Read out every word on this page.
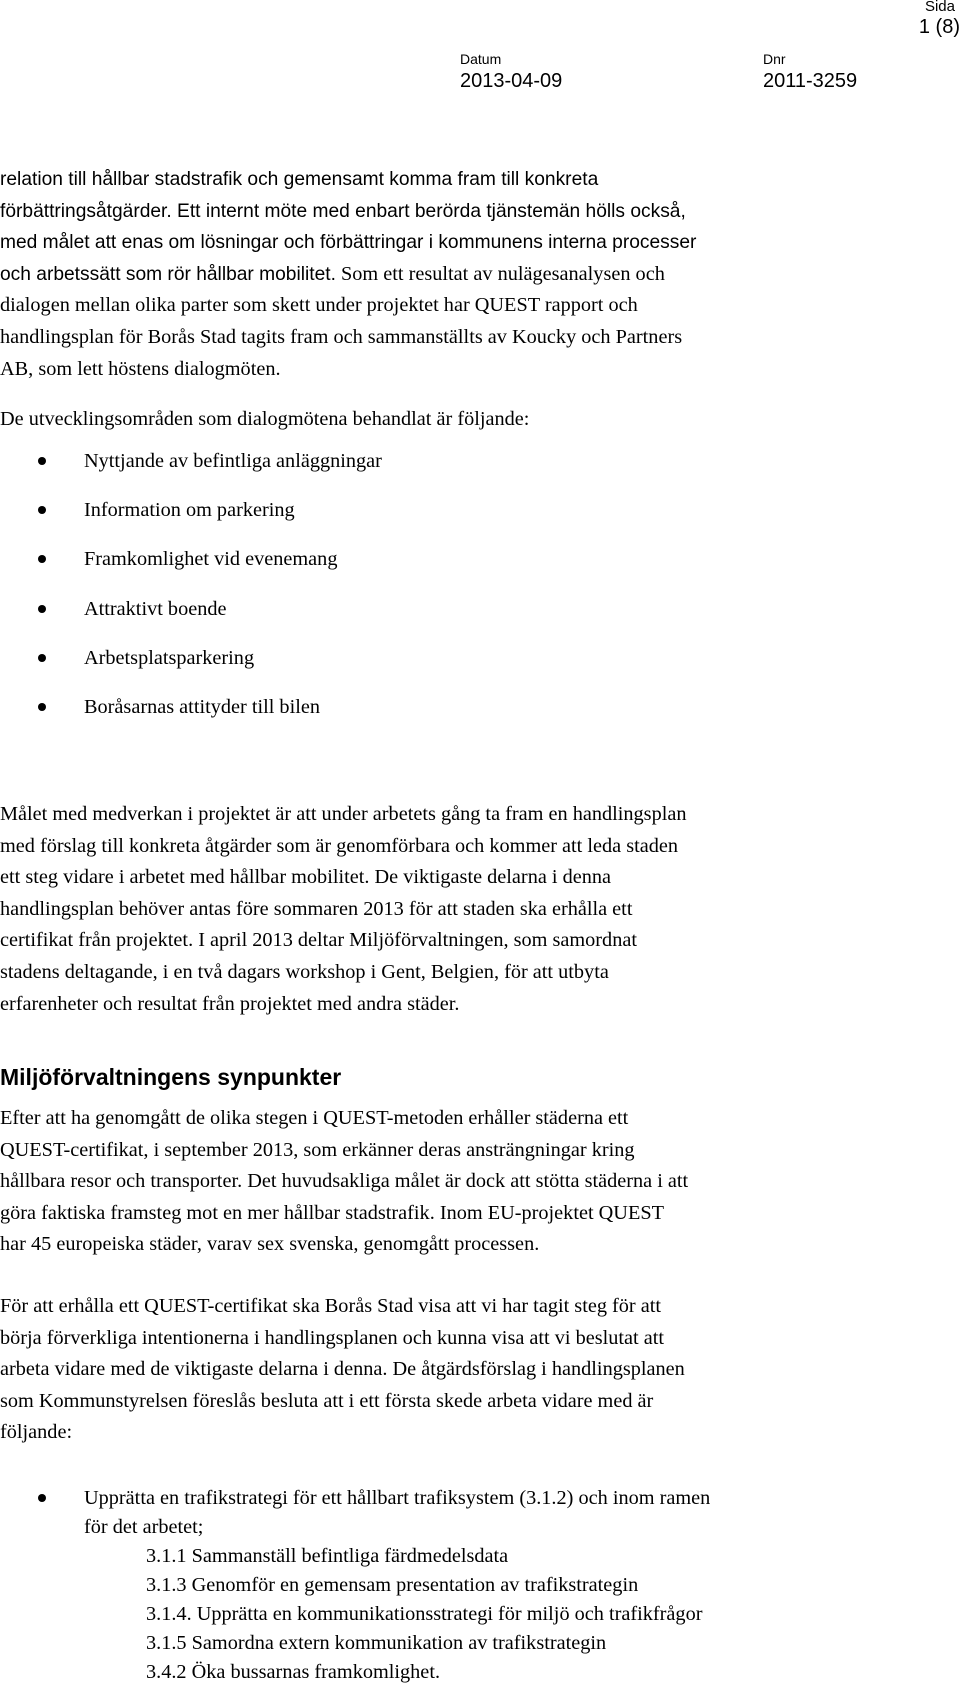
Sida
1 (8)
Datum
2013-04-09
Dnr
2011-3259
relation till hållbar stadstrafik och gemensamt komma fram till konkreta
förbättringsåtgärder. Ett internt möte med enbart berörda tjänstemän hölls också,
med målet att enas om lösningar och förbättringar i kommunens interna processer
och arbetssätt som rör hållbar mobilitet. Som ett resultat av nulägesanalysen och
dialogen mellan olika parter som skett under projektet har QUEST rapport och
handlingsplan för Borås Stad tagits fram och sammanställts av Koucky och Partners
AB, som lett höstens dialogmöten.
De utvecklingsområden som dialogmötena behandlat är följande:
Nyttjande av befintliga anläggningar
Information om parkering
Framkomlighet vid evenemang
Attraktivt boende
Arbetsplatsparkering
Boråsarnas attityder till bilen
Målet med medverkan i projektet är att under arbetets gång ta fram en handlingsplan
med förslag till konkreta åtgärder som är genomförbara och kommer att leda staden
ett steg vidare i arbetet med hållbar mobilitet. De viktigaste delarna i denna
handlingsplan behöver antas före sommaren 2013 för att staden ska erhålla ett
certifikat från projektet. I april 2013 deltar Miljöförvaltningen, som samordnat
stadens deltagande, i en två dagars workshop i Gent, Belgien, för att utbyta
erfarenheter och resultat från projektet med andra städer.
Miljöförvaltningens synpunkter
Efter att ha genomgått de olika stegen i QUEST-metoden erhåller städerna ett
QUEST-certifikat, i september 2013, som erkänner deras ansträngningar kring
hållbara resor och transporter. Det huvudsakliga målet är dock att stötta städerna i att
göra faktiska framsteg mot en mer hållbar stadstrafik. Inom EU-projektet QUEST
har 45 europeiska städer, varav sex svenska, genomgått processen.
För att erhålla ett QUEST-certifikat ska Borås Stad visa att vi har tagit steg för att
börja förverkliga intentionerna i handlingsplanen och kunna visa att vi beslutat att
arbeta vidare med de viktigaste delarna i denna. De åtgärdsförslag i handlingsplanen
som Kommunstyrelsen föreslås besluta att i ett första skede arbeta vidare med är
följande:
Upprätta en trafikstrategi för ett hållbart trafiksystem (3.1.2) och inom ramen
för det arbetet;
3.1.1 Sammanställ befintliga färdmedelsdata
3.1.3 Genomför en gemensam presentation av trafikstrategin
3.1.4. Upprätta en kommunikationsstrategi för miljö och trafikfrågor
3.1.5 Samordna extern kommunikation av trafikstrategin
3.4.2 Öka bussarnas framkomlighet.
